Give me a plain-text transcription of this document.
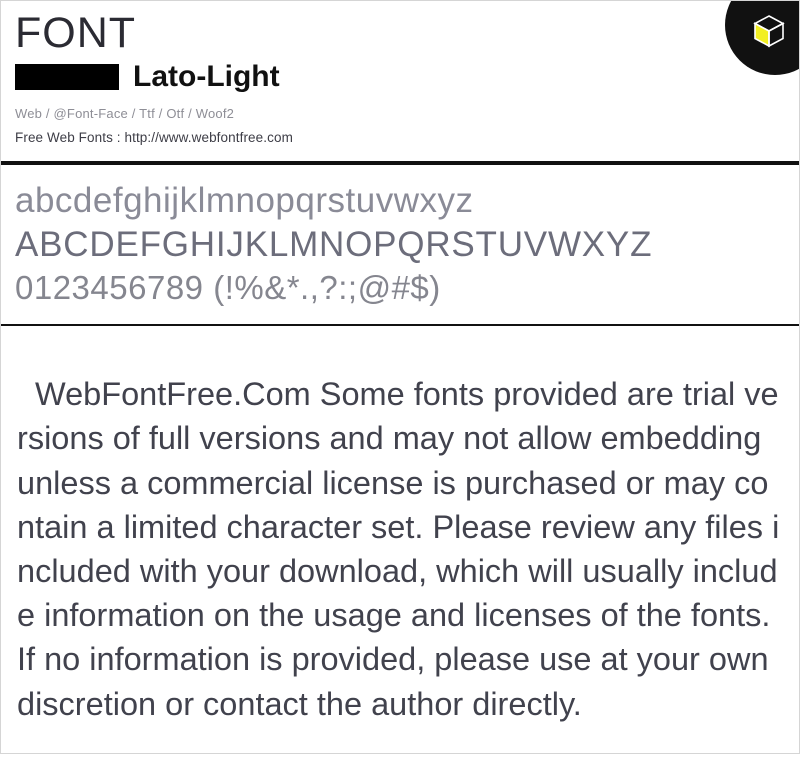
FONT
Lato-Light
Web / @Font-Face / Ttf / Otf / Woof2
Free Web Fonts : http://www.webfontfree.com
abcdefghijklmnopqrstuvwxyz
ABCDEFGHIJKLMNOPQRSTUVWXYZ
0123456789 (!%&*.,?:;@#$)

WebFontFree.Com Some fonts provided are trial versions of full versions and may not allow embedding unless a commercial license is purchased or may contain a limited character set. Please review any files included with your download, which will usually include information on the usage and licenses of the fonts. If no information is provided, please use at your own discretion or contact the author directly.
